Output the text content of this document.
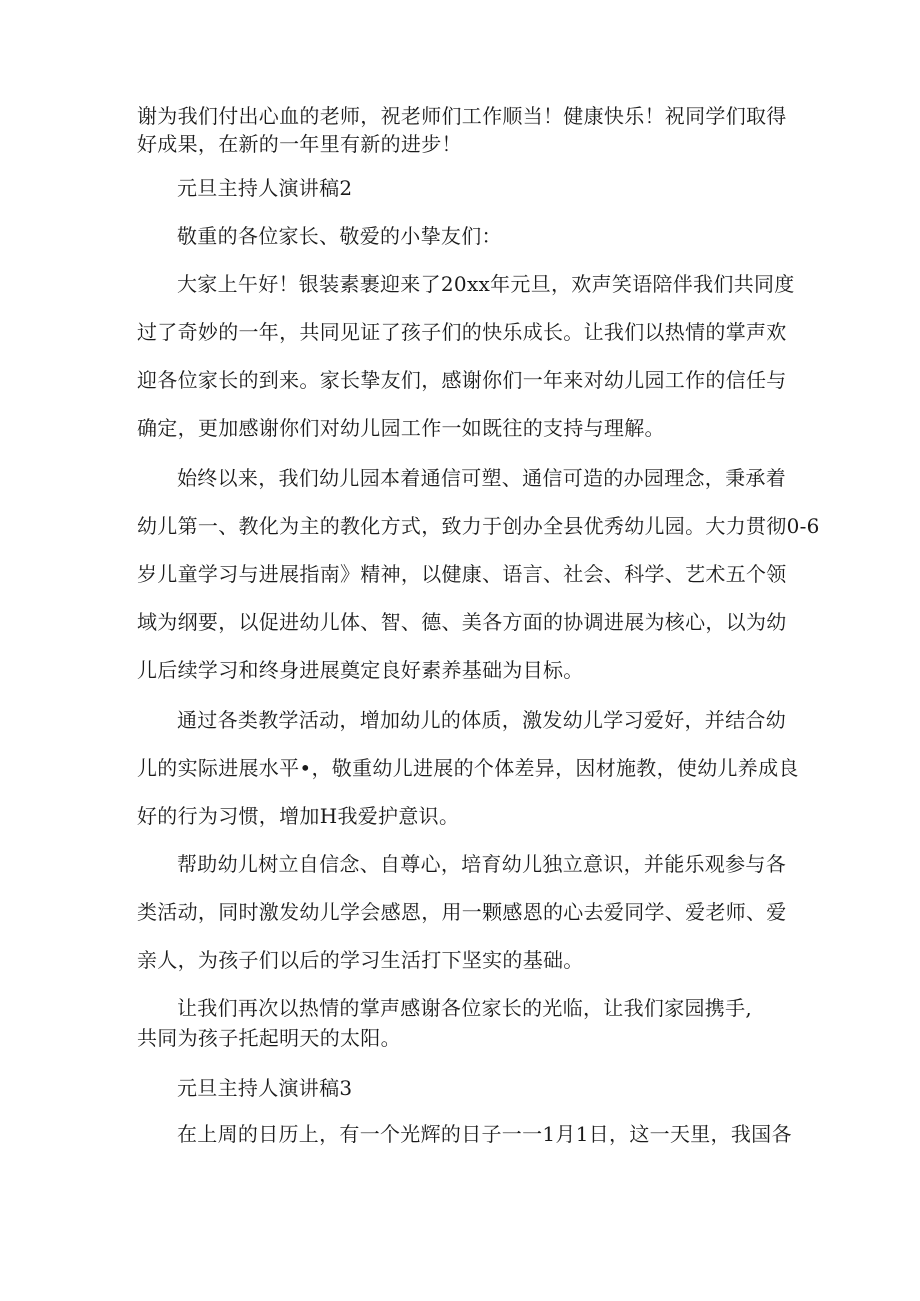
谢为我们付出心血的老师，祝老师们工作顺当！健康快乐！祝同学们取得
好成果，在新的一年里有新的进步！
元旦主持人演讲稿2
敬重的各位家长、敬爱的小挚友们：
大家上午好！银装素裹迎来了20xx年元旦，欢声笑语陪伴我们共同度
过了奇妙的一年，共同见证了孩子们的快乐成长。让我们以热情的掌声欢
迎各位家长的到来。家长挚友们，感谢你们一年来对幼儿园工作的信任与
确定，更加感谢你们对幼儿园工作一如既往的支持与理解。
始终以来，我们幼儿园本着通信可塑、通信可造的办园理念，秉承着
幼儿第一、教化为主的教化方式，致力于创办全县优秀幼儿园。大力贯彻0-6
岁儿童学习与进展指南》精神，以健康、语言、社会、科学、艺术五个领
域为纲要，以促进幼儿体、智、德、美各方面的协调进展为核心，以为幼
儿后续学习和终身进展奠定良好素养基础为目标。
通过各类教学活动，增加幼儿的体质，激发幼儿学习爱好，并结合幼
儿的实际进展水平•，敬重幼儿进展的个体差异，因材施教，使幼儿养成良
好的行为习惯，增加H我爱护意识。
帮助幼儿树立自信念、自尊心，培育幼儿独立意识，并能乐观参与各
类活动，同时激发幼儿学会感恩，用一颗感恩的心去爱同学、爱老师、爱
亲人，为孩子们以后的学习生活打下坚实的基础。
让我们再次以热情的掌声感谢各位家长的光临，让我们家园携手,
共同为孩子托起明天的太阳。
元旦主持人演讲稿3
在上周的日历上，有一个光辉的日子一一1月1日，这一天里，我国各
